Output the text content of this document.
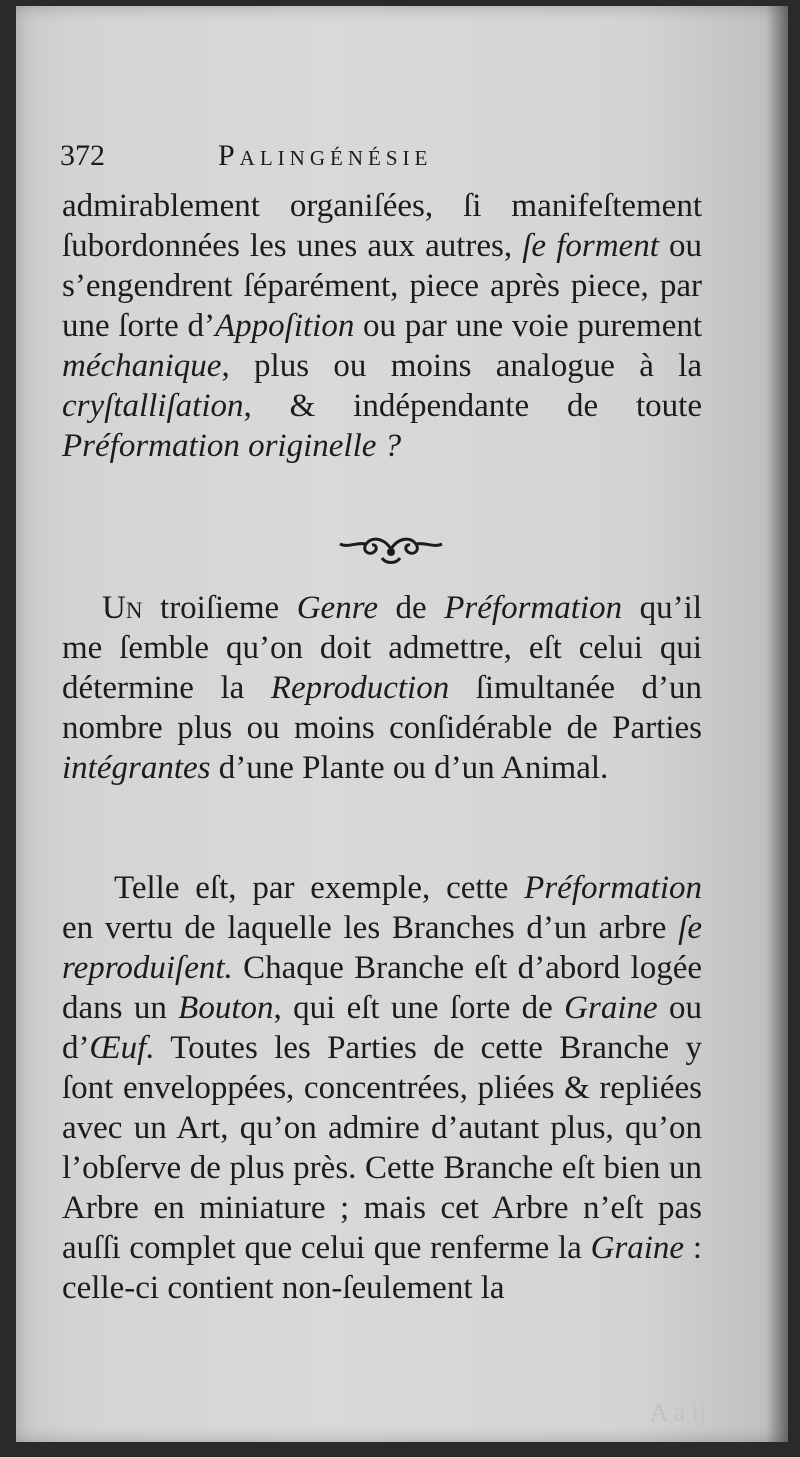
372	Palingénésie

admirablement organiſées, ſi manifeſtement ſubordonnées les unes aux autres, ſe forment ou s’engendrent ſéparément, piece après piece, par une ſorte d’Appoſition ou par une voie purement méchanique, plus ou moins analogue à la cryſtalliſation, & indépendante de toute Préformation originelle ?

Un troiſieme Genre de Préformation qu’il me ſemble qu’on doit admettre, eſt celui qui détermine la Reproduction ſimultanée d’un nombre plus ou moins conſidérable de Parties intégrantes d’une Plante ou d’un Animal.

Telle eſt, par exemple, cette Préformation en vertu de laquelle les Branches d’un arbre ſe reproduiſent. Chaque Branche eſt d’abord logée dans un Bouton, qui eſt une ſorte de Graine ou d’Œuf. Toutes les Parties de cette Branche y ſont enveloppées, concentrées, pliées & repliées avec un Art, qu’on admire d’autant plus, qu’on l’obſerve de plus près. Cette Branche eſt bien un Arbre en miniature ; mais cet Arbre n’eſt pas auſſi complet que celui que renferme la Graine : celle-ci contient non-ſeulement la

A a ij
